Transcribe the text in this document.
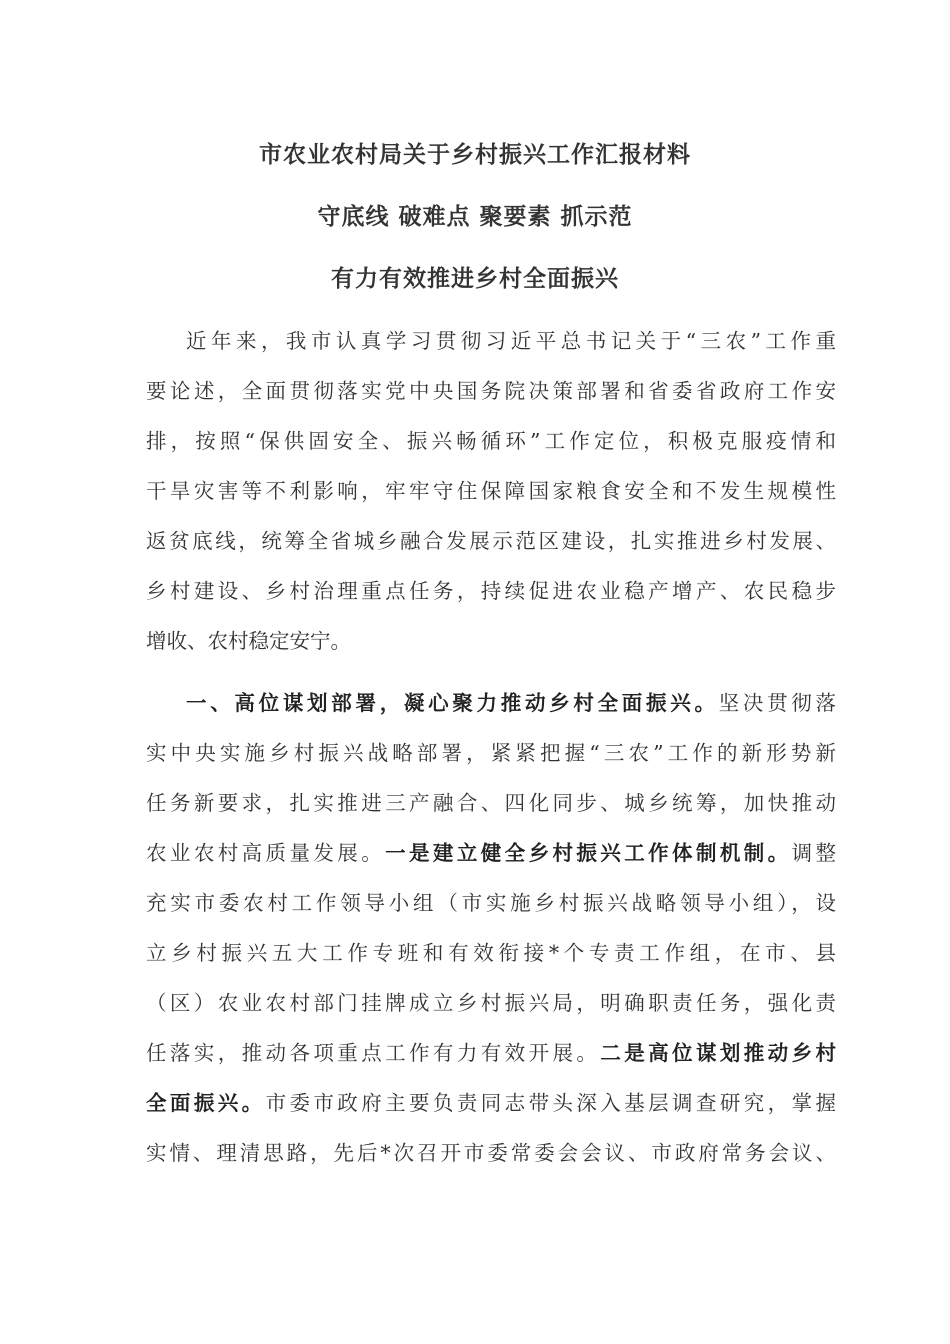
市农业农村局关于乡村振兴工作汇报材料
守底线 破难点 聚要素 抓示范
有力有效推进乡村全面振兴
近年来，我市认真学习贯彻习近平总书记关于“三农”工作重
要论述，全面贯彻落实党中央国务院决策部署和省委省政府工作安
排，按照“保供固安全、振兴畅循环”工作定位，积极克服疫情和
干旱灾害等不利影响，牢牢守住保障国家粮食安全和不发生规模性
返贫底线，统筹全省城乡融合发展示范区建设，扎实推进乡村发展、
乡村建设、乡村治理重点任务，持续促进农业稳产增产、农民稳步
增收、农村稳定安宁。
一、高位谋划部署，凝心聚力推动乡村全面振兴。坚决贯彻落
实中央实施乡村振兴战略部署，紧紧把握“三农”工作的新形势新
任务新要求，扎实推进三产融合、四化同步、城乡统筹，加快推动
农业农村高质量发展。一是建立健全乡村振兴工作体制机制。调整
充实市委农村工作领导小组（市实施乡村振兴战略领导小组），设
立乡村振兴五大工作专班和有效衔接*个专责工作组，在市、县
（区）农业农村部门挂牌成立乡村振兴局，明确职责任务，强化责
任落实，推动各项重点工作有力有效开展。二是高位谋划推动乡村
全面振兴。市委市政府主要负责同志带头深入基层调查研究，掌握
实情、理清思路，先后*次召开市委常委会会议、市政府常务会议、
